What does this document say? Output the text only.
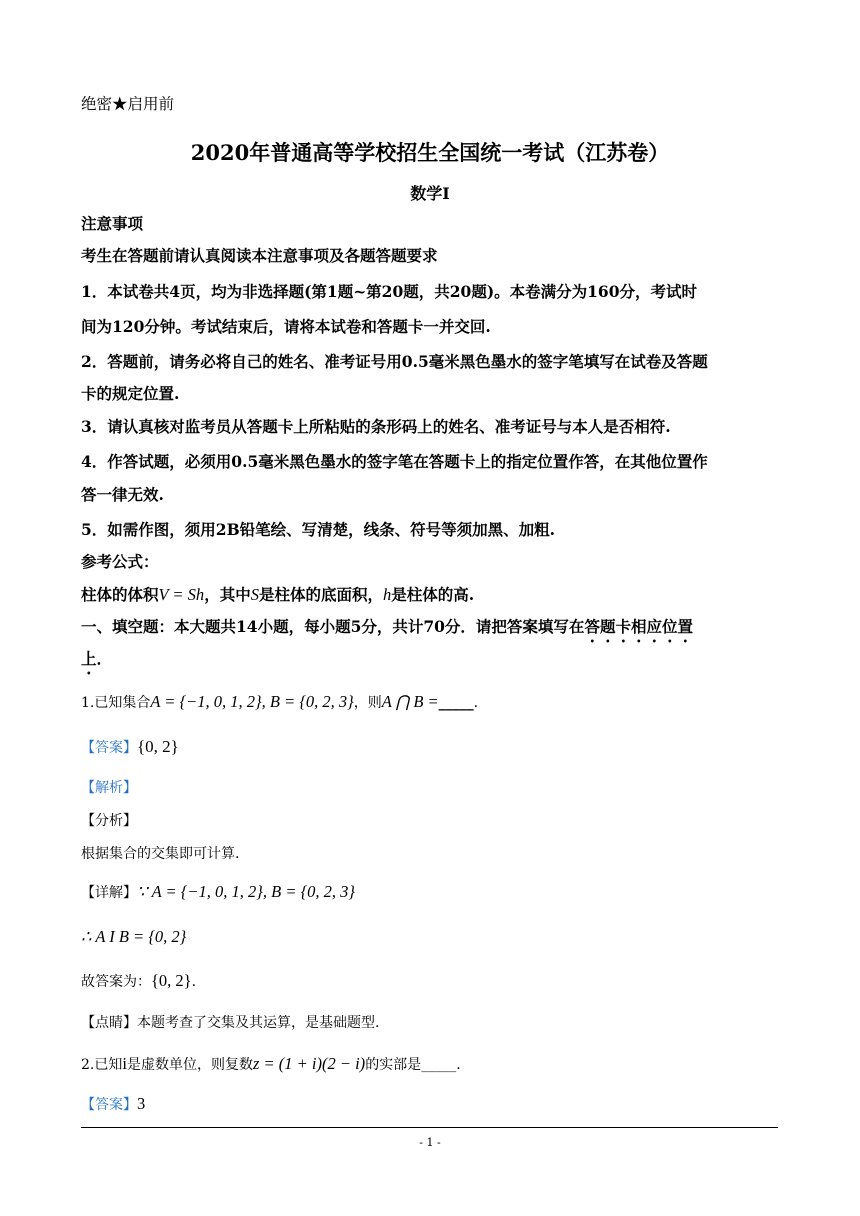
绝密★启用前
2020年普通高等学校招生全国统一考试（江苏卷）
数学Ⅰ
注意事项
考生在答题前请认真阅读本注意事项及各题答题要求
1．本试卷共4页，均为非选择题(第1题~第20题，共20题)。本卷满分为160分，考试时
间为120分钟。考试结束后，请将本试卷和答题卡一并交回.
2．答题前，请务必将自己的姓名、准考证号用0.5毫米黑色墨水的签字笔填写在试卷及答题
卡的规定位置.
3．请认真核对监考员从答题卡上所粘贴的条形码上的姓名、准考证号与本人是否相符.
4．作答试题，必须用0.5毫米黑色墨水的签字笔在答题卡上的指定位置作答，在其他位置作
答一律无效.
5．如需作图，须用2B铅笔绘、写清楚，线条、符号等须加黑、加粗.
参考公式：
柱体的体积V = Sh，其中S是柱体的底面积，h是柱体的高.
一、填空题：本大题共14小题，每小题5分，共计70分．请把答案填写在答题卡相应位置
上．
1.已知集合A = {−1, 0, 1, 2}, B = {0, 2, 3}，则A ⋂ B =_____.
【答案】{0, 2}
【解析】
【分析】
根据集合的交集即可计算.
【详解】∵ A = {−1, 0, 1, 2}, B = {0, 2, 3}
∴ A I B = {0, 2}
故答案为：{0, 2}.
【点睛】本题考查了交集及其运算，是基础题型.
2.已知i是虚数单位，则复数z = (1 + i)(2 − i)的实部是_____.
【答案】3
- 1 -
